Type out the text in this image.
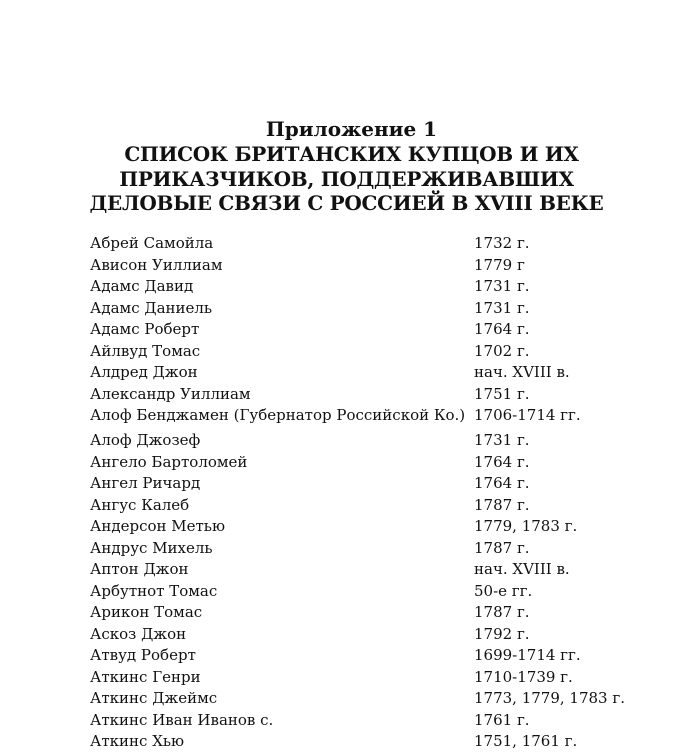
Приложение 1
СПИСОК БРИТАНСКИХ КУПЦОВ И ИХ
ПРИКАЗЧИКОВ, ПОДДЕРЖИВАВШИХ
ДЕЛОВЫЕ СВЯЗИ С РОССИЕЙ В XVIII ВЕКЕ
Абрей Самойла	1732 г.
Ависон Уиллиам	1779 г
Адамс Давид	1731 г.
Адамс Даниель	1731 г.
Адамс Роберт	1764 г.
Айлвуд Томас	1702 г.
Алдред Джон	нач. XVIII в.
Александр Уиллиам	1751 г.
Алоф Бенджамен (Губернатор Российской Ко.) 1706-1714 гг.
Алоф Джозеф	1731 г.
Ангело Бартоломей	1764 г.
Ангел Ричард	1764 г.
Ангус Калеб	1787 г.
Андерсон Метью	1779, 1783 г.
Андрус Михель	1787 г.
Аптон Джон	нач. XVIII в.
Арбутнот Томас	50-е гг.
Арикон Томас	1787 г.
Аскоз Джон	1792 г.
Атвуд Роберт	1699-1714 гг.
Аткинс Генри	1710-1739 г.
Аткинс Джеймс	1773, 1779, 1783 г.
Аткинс Иван Иванов с.	1761 г.
Аткинс Хью	1751, 1761 г.
